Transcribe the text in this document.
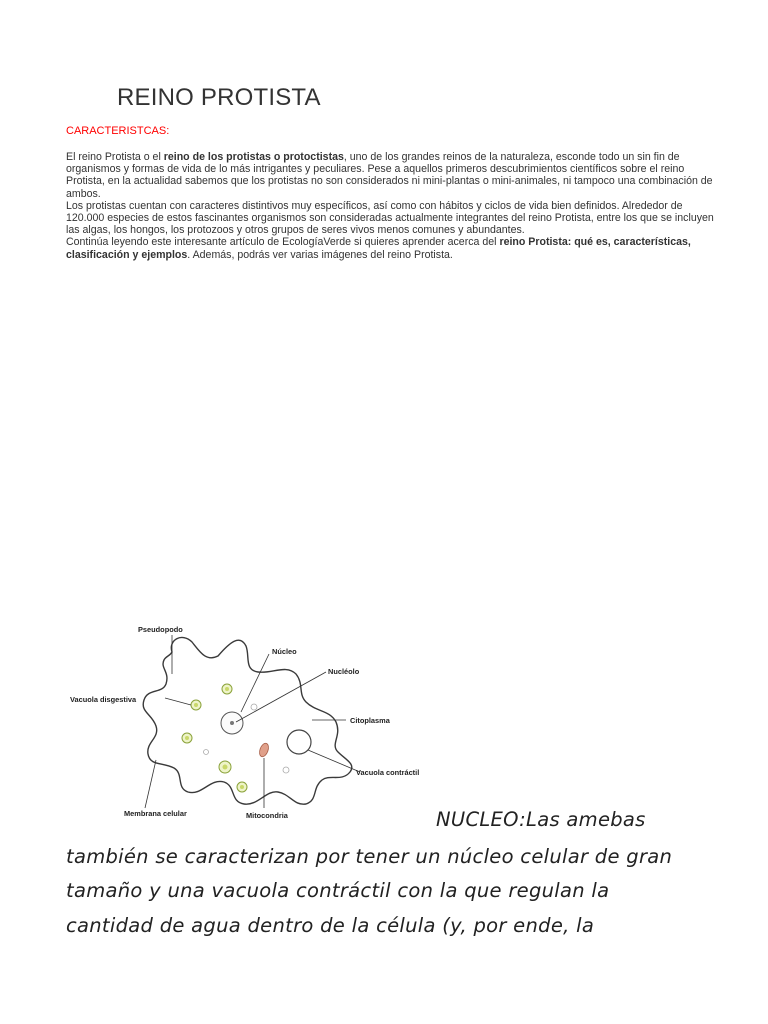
REINO PROTISTA
CARACTERISTCAS:

El reino Protista o el reino de los protistas o protoctistas, uno de los grandes reinos de la naturaleza, esconde todo un sin fin de organismos y formas de vida de lo más intrigantes y peculiares. Pese a aquellos primeros descubrimientos científicos sobre el reino Protista, en la actualidad sabemos que los protistas no son considerados ni mini-plantas o mini-animales, ni tampoco una combinación de ambos.

Los protistas cuentan con caracteres distintivos muy específicos, así como con hábitos y ciclos de vida bien definidos. Alrededor de 120.000 especies de estos fascinantes organismos son consideradas actualmente integrantes del reino Protista, entre los que se incluyen las algas, los hongos, los protozoos y otros grupos de seres vivos menos comunes y abundantes.

Continúa leyendo este interesante artículo de EcologíaVerde si quieres aprender acerca del reino Protista: qué es, características, clasificación y ejemplos. Además, podrás ver varias imágenes del reino Protista.

Pseudopodo
Núcleo
Nucléolo
Vacuola disgestiva
Citoplasma
Vacuola contráctil
Membrana celular	Mitocondria	NUCLEO:Las amebas
también se caracterizan por tener un núcleo celular de gran
tamaño y una vacuola contráctil con la que regulan la
cantidad de agua dentro de la célula (y, por ende, la
